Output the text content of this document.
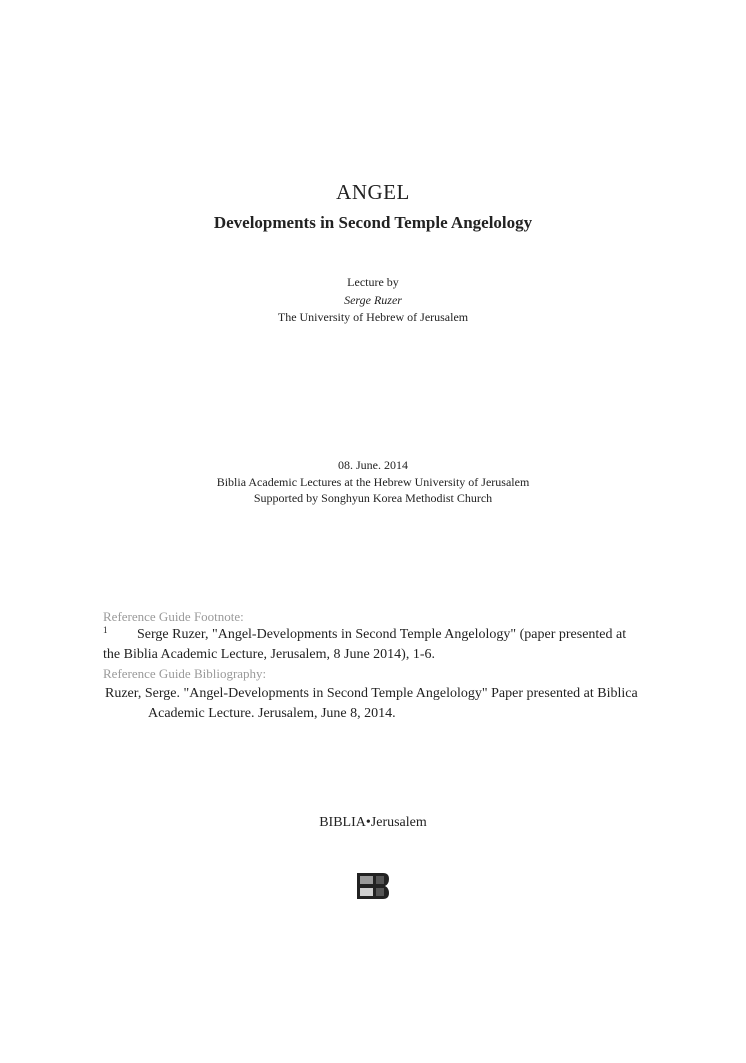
ANGEL
Developments in Second Temple Angelology
Lecture by
Serge Ruzer
The University of Hebrew of Jerusalem
08. June. 2014
Biblia Academic Lectures at the Hebrew University of Jerusalem
Supported by Songhyun Korea Methodist Church
Reference Guide Footnote:
$^1$ Serge Ruzer, "Angel-Developments in Second Temple Angelology" (paper presented at
the Biblia Academic Lecture, Jerusalem, 8 June 2014), 1-6.
Reference Guide Bibliography:
Ruzer, Serge. "Angel-Developments in Second Temple Angelology" Paper presented at Biblica
Academic Lecture. Jerusalem, June 8, 2014.
BIBLIA•Jerusalem
